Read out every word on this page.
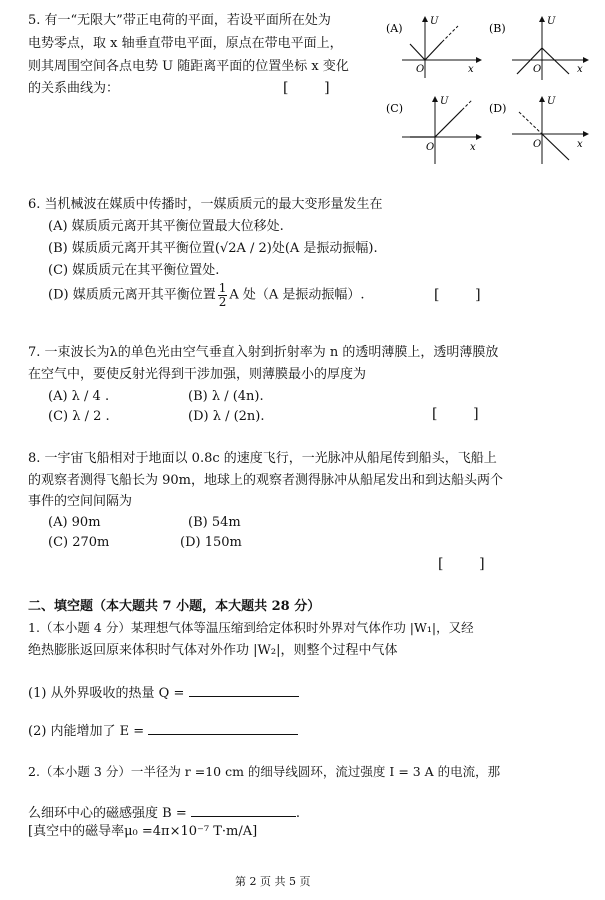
5. 有一“无限大”带正电荷的平面，若设平面所在处为
电势零点，取 x 轴垂直带电平面，原点在带电平面上，
则其周围空间各点电势 U 随距离平面的位置坐标 x 变化
的关系曲线为：	[        ]
(A)
U
O	x
(B)
U
O	x
(C)
U
O	x
(D)
U
O	x
6. 当机械波在媒质中传播时，一媒质质元的最大变形量发生在
(A) 媒质质元离开其平衡位置最大位移处.
(B) 媒质质元离开其平衡位置(√2A / 2)处(A 是振动振幅).
(C) 媒质质元在其平衡位置处.
(D) 媒质质元离开其平衡位置 $\frac{1}{2}$ A 处（A 是振动振幅）.	[        ]
7. 一束波长为λ的单色光由空气垂直入射到折射率为 n 的透明薄膜上，透明薄膜放
在空气中，要使反射光得到干涉加强，则薄膜最小的厚度为
(A) λ / 4 .	(B) λ / (4n).
(C) λ / 2 .	(D) λ / (2n).	[        ]
8. 一宇宙飞船相对于地面以 0.8c 的速度飞行，一光脉冲从船尾传到船头，飞船上
的观察者测得飞船长为 90m，地球上的观察者测得脉冲从船尾发出和到达船头两个
事件的空间间隔为
(A) 90m	(B) 54m
(C) 270m	(D) 150m
[        ]
二、填空题（本大题共 7 小题，本大题共 28 分）
1.（本小题 4 分）某理想气体等温压缩到给定体积时外界对气体作功 |W₁|，又经
绝热膨胀返回原来体积时气体对外作功 |W₂|，则整个过程中气体
(1) 从外界吸收的热量 Q =
(2) 内能增加了 E =
2.（本小题 3 分）一半径为 r =10 cm 的细导线圆环，流过强度 I = 3 A 的电流，那
么细环中心的磁感强度 B =	.
[真空中的磁导率μ₀ =4π×10⁻⁷ T·m/A]
第 2 页 共 5 页
